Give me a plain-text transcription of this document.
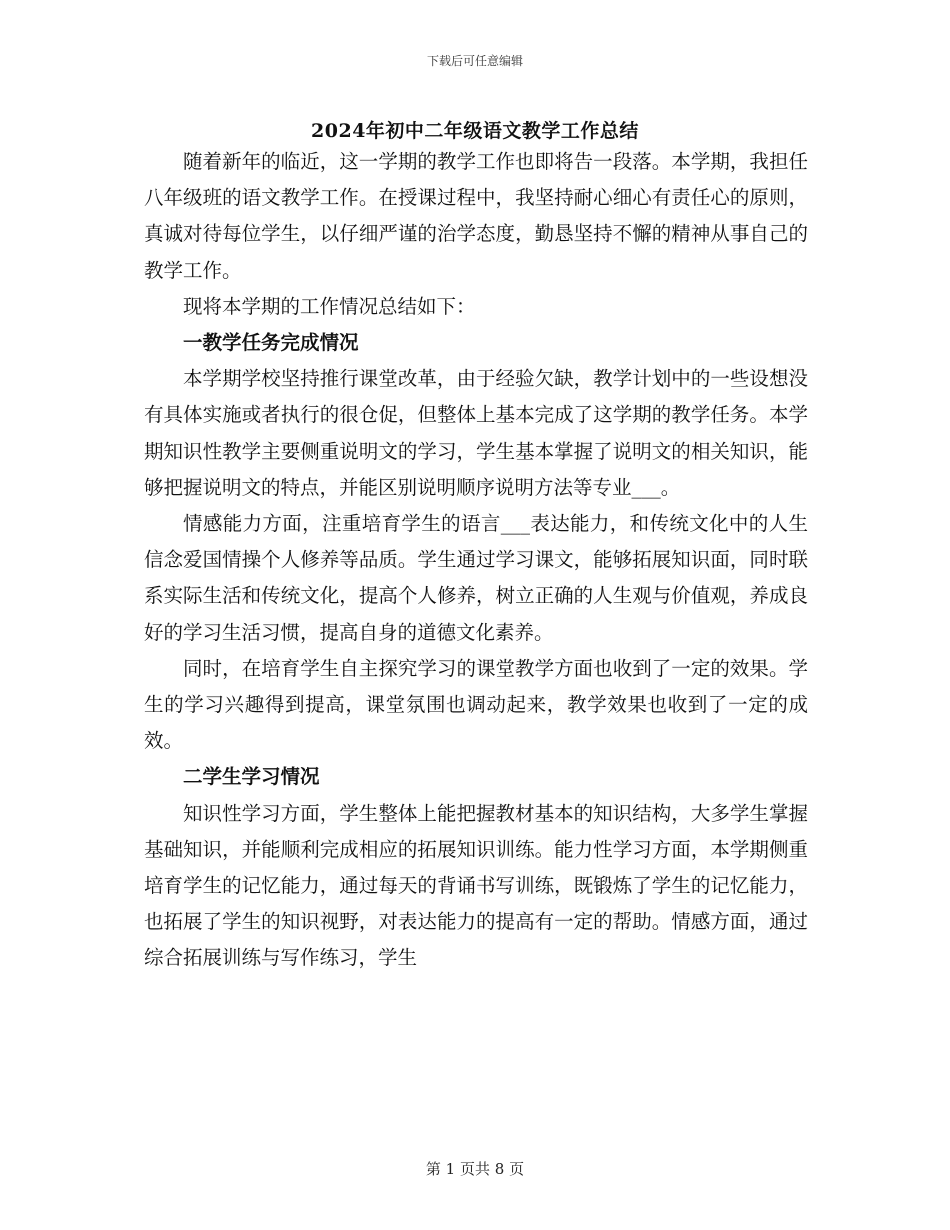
下载后可任意编辑
2024年初中二年级语文教学工作总结

随着新年的临近，这一学期的教学工作也即将告一段落。本学期，我担任八年级班的语文教学工作。在授课过程中，我坚持耐心细心有责任心的原则，真诚对待每位学生，以仔细严谨的治学态度，勤恳坚持不懈的精神从事自己的教学工作。

现将本学期的工作情况总结如下：

一教学任务完成情况

本学期学校坚持推行课堂改革，由于经验欠缺，教学计划中的一些设想没有具体实施或者执行的很仓促，但整体上基本完成了这学期的教学任务。本学期知识性教学主要侧重说明文的学习，学生基本掌握了说明文的相关知识，能够把握说明文的特点，并能区别说明顺序说明方法等专业___。

情感能力方面，注重培育学生的语言___表达能力，和传统文化中的人生信念爱国情操个人修养等品质。学生通过学习课文，能够拓展知识面，同时联系实际生活和传统文化，提高个人修养，树立正确的人生观与价值观，养成良好的学习生活习惯，提高自身的道德文化素养。

同时，在培育学生自主探究学习的课堂教学方面也收到了一定的效果。学生的学习兴趣得到提高，课堂氛围也调动起来，教学效果也收到了一定的成效。

二学生学习情况

知识性学习方面，学生整体上能把握教材基本的知识结构，大多学生掌握基础知识，并能顺利完成相应的拓展知识训练。能力性学习方面，本学期侧重培育学生的记忆能力，通过每天的背诵书写训练，既锻炼了学生的记忆能力，也拓展了学生的知识视野，对表达能力的提高有一定的帮助。情感方面，通过综合拓展训练与写作练习，学生

第 1 页共 8 页
